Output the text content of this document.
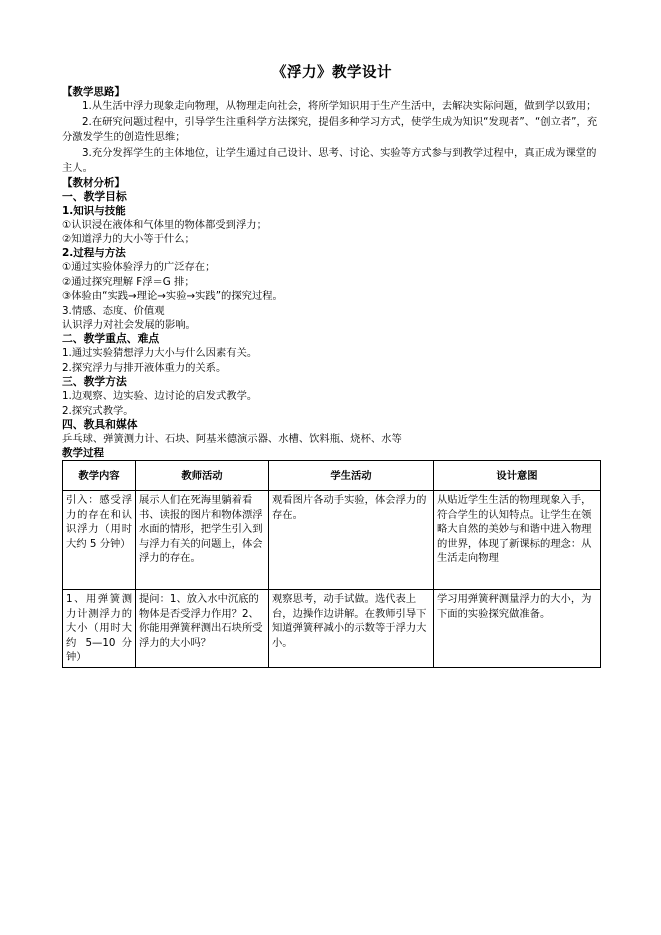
《浮力》教学设计
【教学思路】
1.从生活中浮力现象走向物理，从物理走向社会，将所学知识用于生产生活中，去解决实际问题，做到学以致用；
2.在研究问题过程中，引导学生注重科学方法探究，提倡多种学习方式，使学生成为知识“发现者”、“创立者”，充分激发学生的创造性思维；
3.充分发挥学生的主体地位，让学生通过自己设计、思考、讨论、实验等方式参与到教学过程中，真正成为课堂的主人。
【教材分析】
一、教学目标
1.知识与技能
①认识浸在液体和气体里的物体都受到浮力；
②知道浮力的大小等于什么；
2.过程与方法
①通过实验体验浮力的广泛存在；
②通过探究理解 F浮＝G 排；
③体验由“实践→理论→实验→实践”的探究过程。
3.情感、态度、价值观
认识浮力对社会发展的影响。
二、教学重点、难点
1.通过实验猜想浮力大小与什么因素有关。
2.探究浮力与排开液体重力的关系。
三、教学方法
1.边观察、边实验、边讨论的启发式教学。
2.探究式教学。
四、教具和媒体
乒乓球、弹簧测力计、石块、阿基米德演示器、水槽、饮料瓶、烧杯、水等
教学过程
教学内容	教师活动	学生活动	设计意图
引入：感受浮力的存在和认识浮力（用时大约 5 分钟）	展示人们在死海里躺着看书、读报的图片和物体漂浮水面的情形，把学生引入到与浮力有关的问题上，体会浮力的存在。	观看图片各动手实验，体会浮力的存在。	从贴近学生生活的物理现象入手，符合学生的认知特点。让学生在领略大自然的美妙与和谐中进入物理的世界，体现了新课标的理念：从生活走向物理
1、用弹簧测力计测浮力的大小（用时大约 5—10 分钟）	提问：1、放入水中沉底的物体是否受浮力作用？2、你能用弹簧秤测出石块所受浮力的大小吗？	观察思考，动手试做。选代表上台，边操作边讲解。在教师引导下知道弹簧秤减小的示数等于浮力大小。	学习用弹簧秤测量浮力的大小，为下面的实验探究做准备。
